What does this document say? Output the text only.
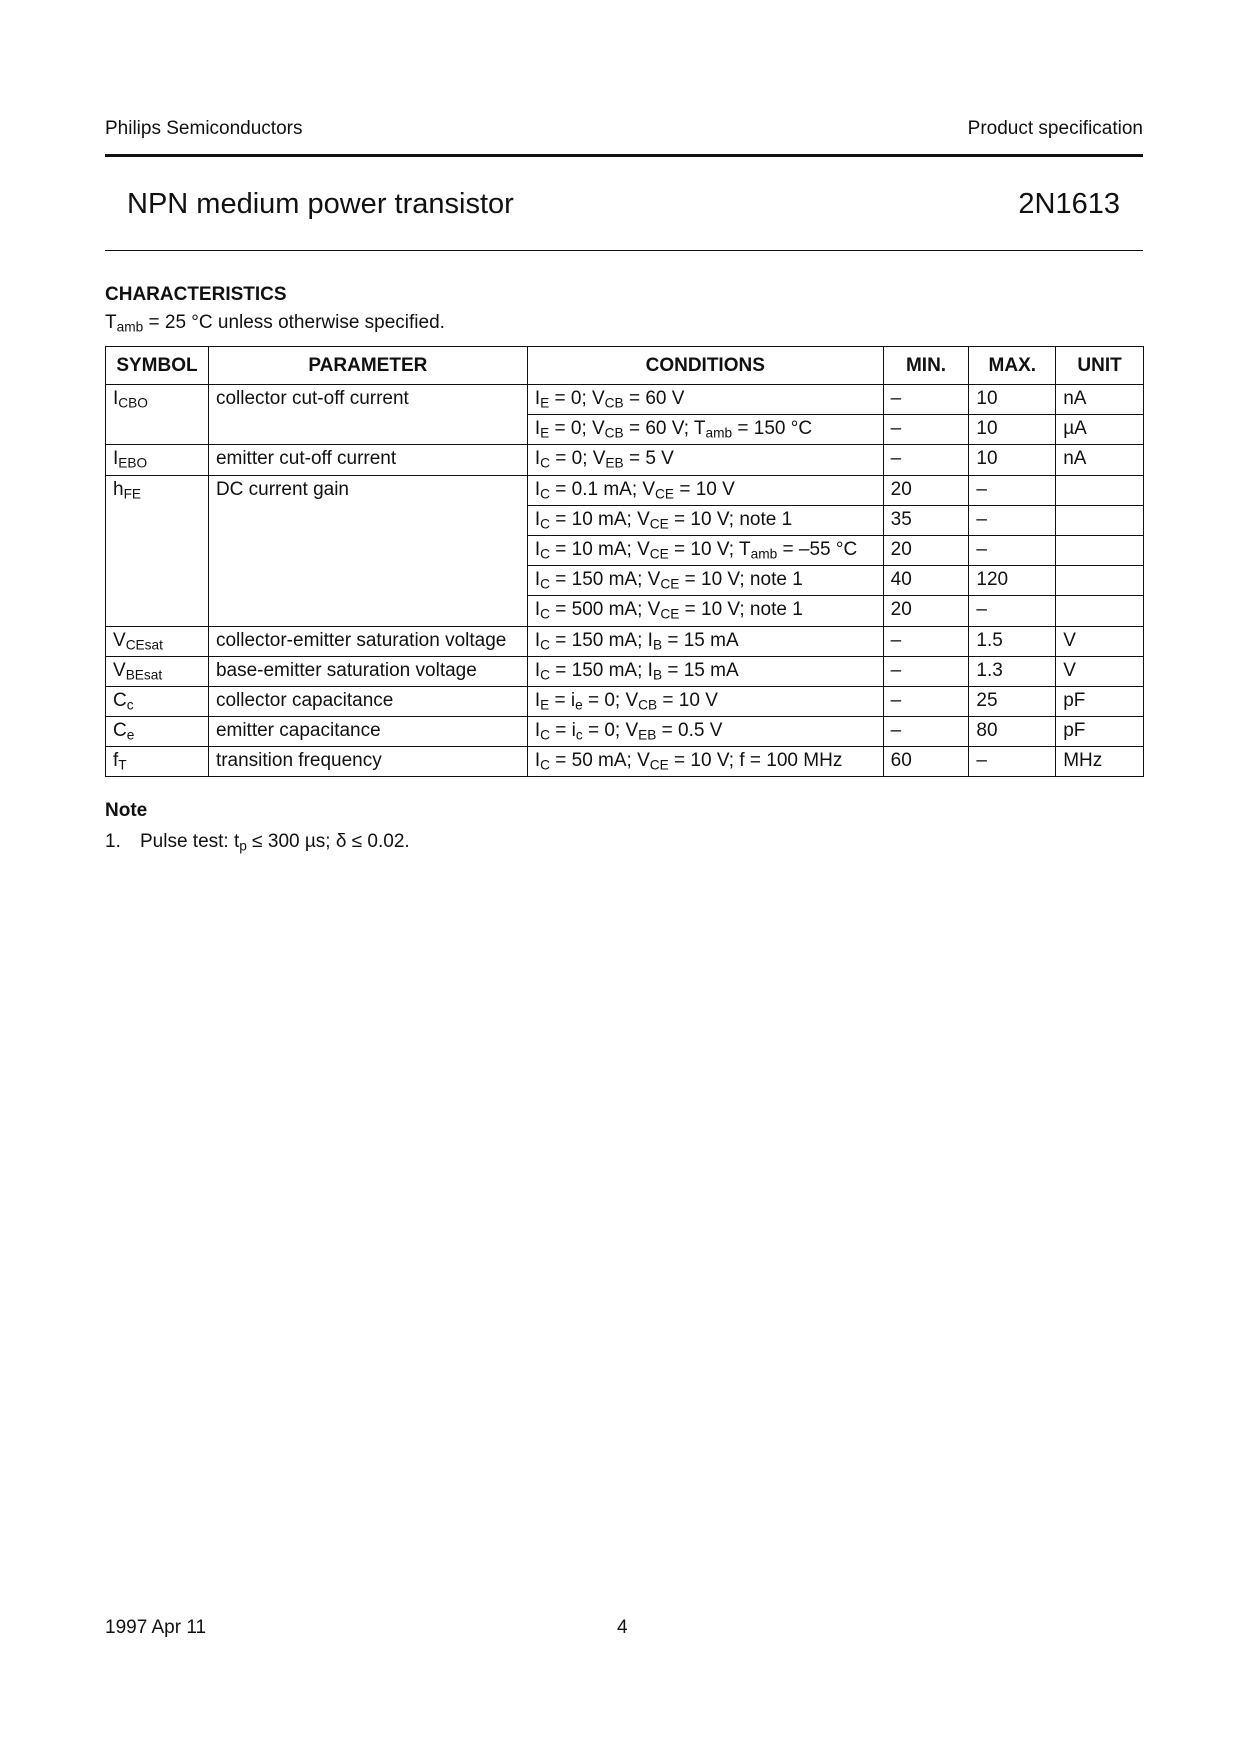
Philips Semiconductors	Product specification
NPN medium power transistor	2N1613
CHARACTERISTICS
$T_{amb} = 25$ °C unless otherwise specified.
SYMBOL	PARAMETER	CONDITIONS	MIN.	MAX.	UNIT
$I_{CBO}$	collector cut-off current	$I_E = 0$; $V_{CB} = 60$ V	–	10	nA
		$I_E = 0$; $V_{CB} = 60$ V; $T_{amb} = 150$ °C	–	10	µA
$I_{EBO}$	emitter cut-off current	$I_C = 0$; $V_{EB} = 5$ V	–	10	nA
$h_{FE}$	DC current gain	$I_C = 0.1$ mA; $V_{CE} = 10$ V	20	–	
		$I_C = 10$ mA; $V_{CE} = 10$ V; note 1	35	–	
		$I_C = 10$ mA; $V_{CE} = 10$ V; $T_{amb} = -55$ °C	20	–	
		$I_C = 150$ mA; $V_{CE} = 10$ V; note 1	40	120	
		$I_C = 500$ mA; $V_{CE} = 10$ V; note 1	20	–	
$V_{CEsat}$	collector-emitter saturation voltage	$I_C = 150$ mA; $I_B = 15$ mA	–	1.5	V
$V_{BEsat}$	base-emitter saturation voltage	$I_C = 150$ mA; $I_B = 15$ mA	–	1.3	V
$C_c$	collector capacitance	$I_E = i_e = 0$; $V_{CB} = 10$ V	–	25	pF
$C_e$	emitter capacitance	$I_C = i_c = 0$; $V_{EB} = 0.5$ V	–	80	pF
$f_T$	transition frequency	$I_C = 50$ mA; $V_{CE} = 10$ V; f = 100 MHz	60	–	MHz
Note
1. Pulse test: $t_p \le 300$ µs; δ ≤ 0.02.
1997 Apr 11	4
